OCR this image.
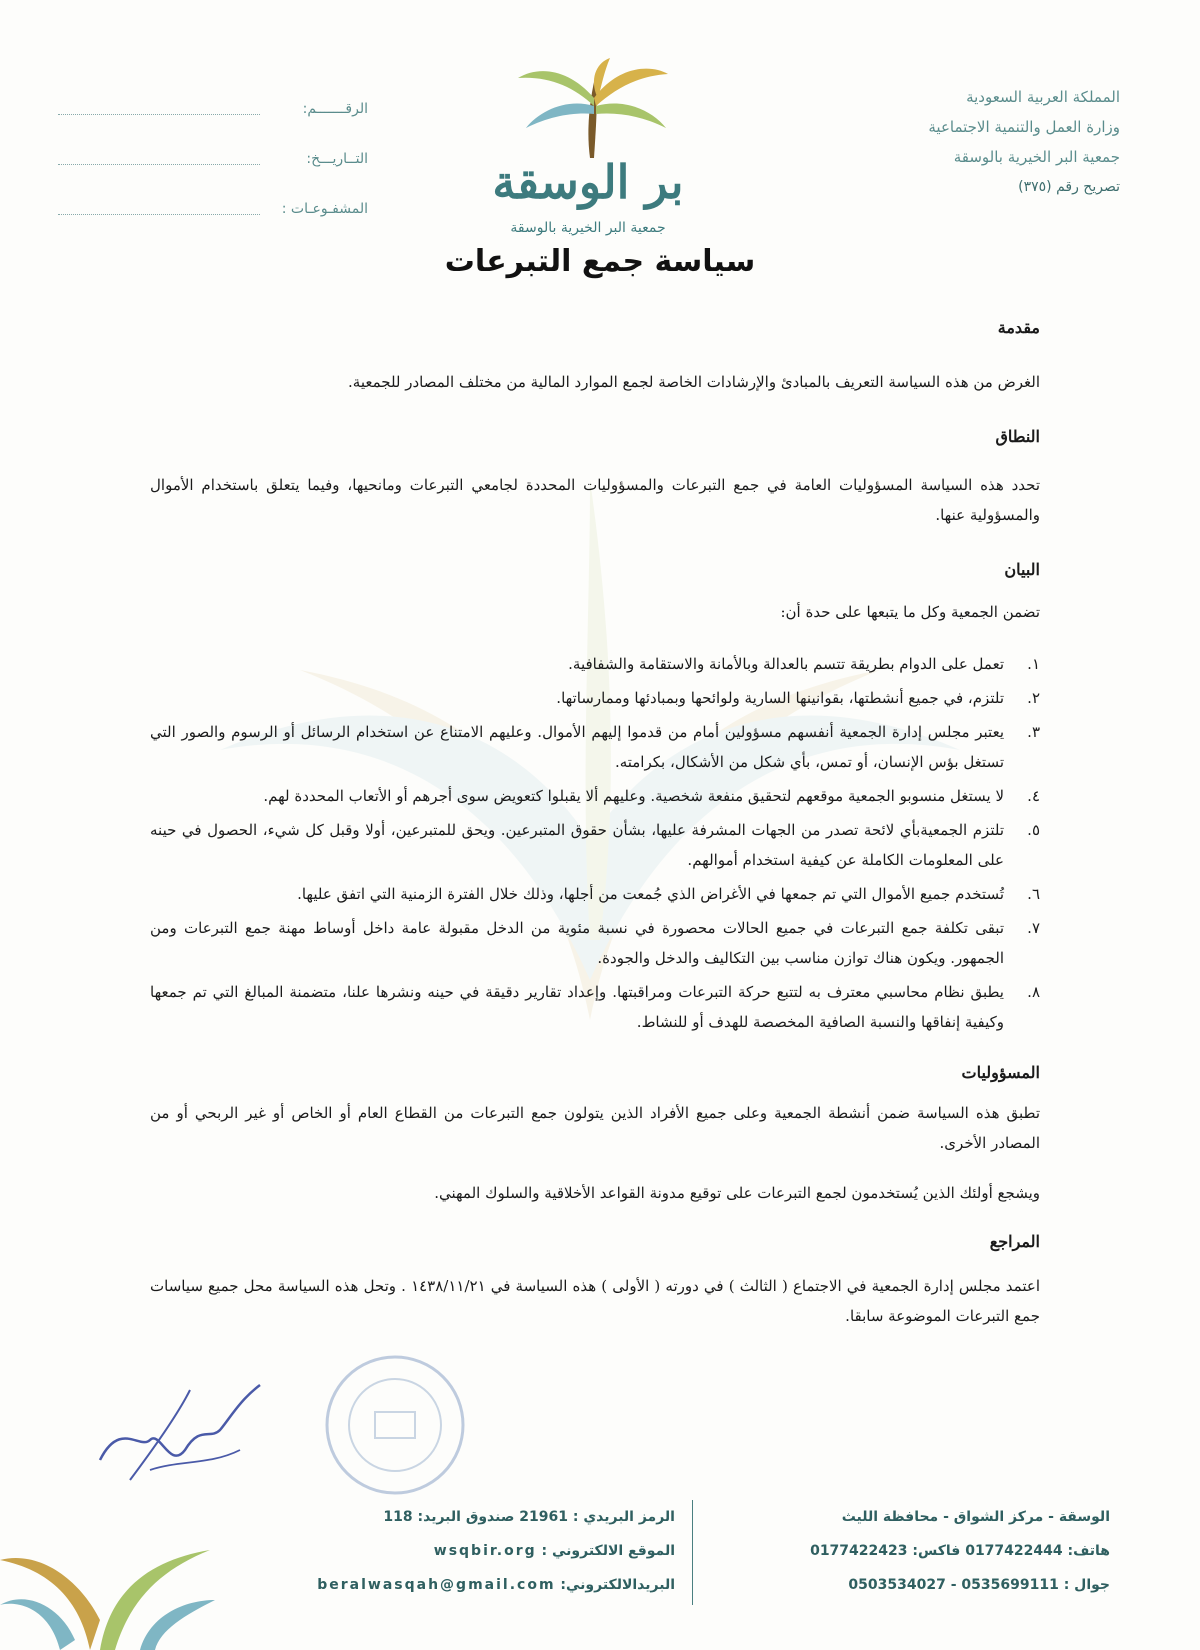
المملكة العربية السعودية
وزارة العمل والتنمية الاجتماعية
جمعية البر الخيرية بالوسقة
تصريح رقم (٣٧٥)
الرقـــــــم:
التــاريـــخ:
المشفـوعـات :	بر الوسقة
جمعية البر الخيرية بالوسقة
سياسة جمع التبرعات
مقدمة

الغرض من هذه السياسة التعريف بالمبادئ والإرشادات الخاصة لجمع الموارد المالية من مختلف المصادر للجمعية.

النطاق

تحدد هذه السياسة المسؤوليات العامة في جمع التبرعات والمسؤوليات المحددة لجامعي التبرعات ومانحيها، وفيما يتعلق باستخدام الأموال والمسؤولية عنها.

البيان

تضمن الجمعية وكل ما يتبعها على حدة أن:

١.
تعمل على الدوام بطريقة تتسم بالعدالة وبالأمانة والاستقامة والشفافية.
٢.
تلتزم، في جميع أنشطتها، بقوانينها السارية ولوائحها وبمبادئها وممارساتها.
٣.
يعتبر مجلس إدارة الجمعية أنفسهم مسؤولين أمام من قدموا إليهم الأموال. وعليهم الامتناع عن استخدام الرسائل أو الرسوم والصور التي تستغل بؤس الإنسان، أو تمس، بأي شكل من الأشكال، بكرامته.
٤.
لا يستغل منسوبو الجمعية موقعهم لتحقيق منفعة شخصية. وعليهم ألا يقبلوا كتعويض سوى أجرهم أو الأتعاب المحددة لهم.
٥.
تلتزم الجمعيةبأي لائحة تصدر من الجهات المشرفة عليها، بشأن حقوق المتبرعين. ويحق للمتبرعين، أولا وقبل كل شيء، الحصول في حينه على المعلومات الكاملة عن كيفية استخدام أموالهم.
٦.
تُستخدم جميع الأموال التي تم جمعها في الأغراض الذي جُمعت من أجلها، وذلك خلال الفترة الزمنية التي اتفق عليها.
٧.
تبقى تكلفة جمع التبرعات في جميع الحالات محصورة في نسبة مئوية من الدخل مقبولة عامة داخل أوساط مهنة جمع التبرعات ومن الجمهور. ويكون هناك توازن مناسب بين التكاليف والدخل والجودة.
٨.
يطبق نظام محاسبي معترف به لتتبع حركة التبرعات ومراقبتها. وإعداد تقارير دقيقة في حينه ونشرها علنا، متضمنة المبالغ التي تم جمعها وكيفية إنفاقها والنسبة الصافية المخصصة للهدف أو للنشاط.
المسؤوليات

تطبق هذه السياسة ضمن أنشطة الجمعية وعلى جميع الأفراد الذين يتولون جمع التبرعات من القطاع العام أو الخاص أو غير الربحي أو من المصادر الأخرى.

ويشجع أولئك الذين يُستخدمون لجمع التبرعات على توقيع مدونة القواعد الأخلاقية والسلوك المهني.

المراجع

اعتمد مجلس إدارة الجمعية في الاجتماع ( الثالث ) في دورته ( الأولى ) هذه السياسة في ١٤٣٨/١١/٢١ . وتحل هذه السياسة محل جميع سياسات جمع التبرعات الموضوعة سابقا.

الوسقة - مركز الشواق - محافظة الليث
هاتف: 0177422444 فاكس: 0177422423
جوال : 0535699111 - 0503534027
الرمز البريدي : 21961 صندوق البريد: 118
الموقع الالكتروني : wsqbir.org
البريدالالكتروني: beralwasqah@gmail.com
